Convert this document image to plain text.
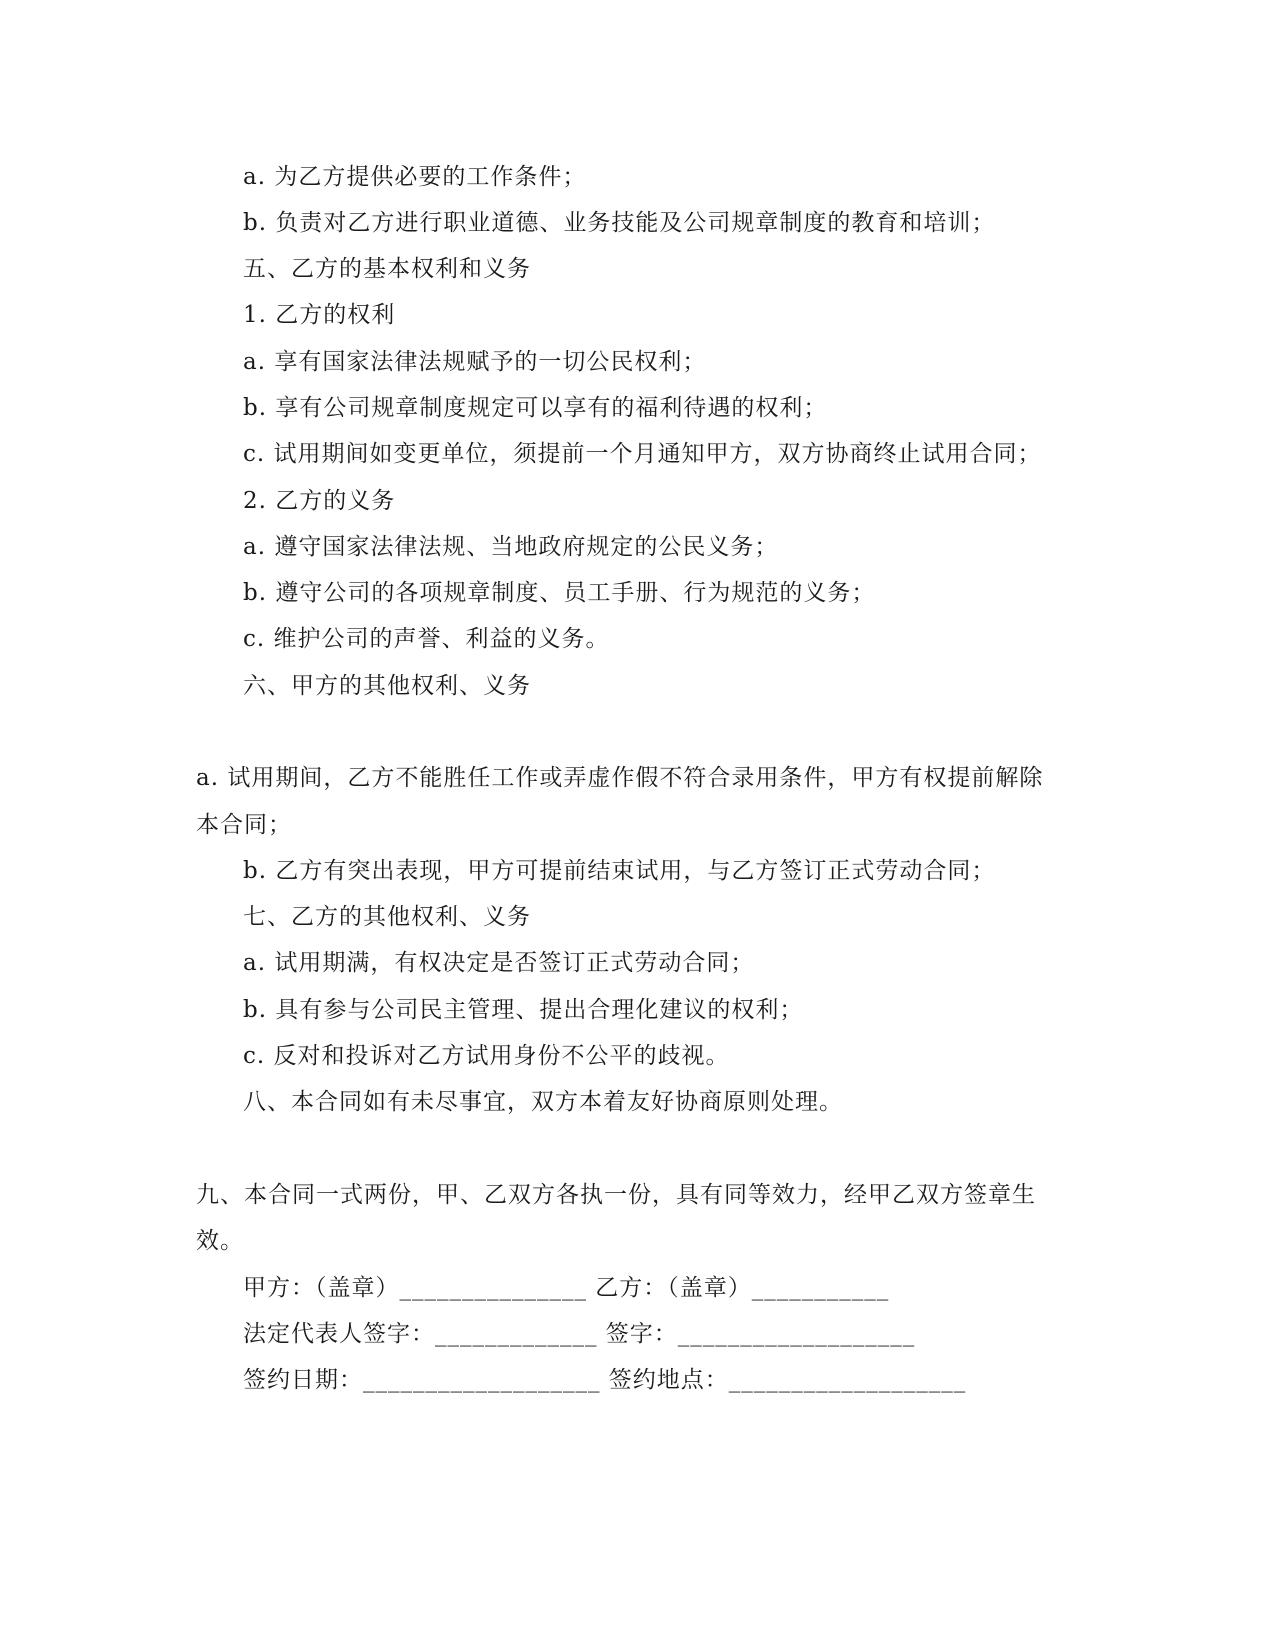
a. 为乙方提供必要的工作条件；
b. 负责对乙方进行职业道德、业务技能及公司规章制度的教育和培训；
五、乙方的基本权利和义务
1. 乙方的权利
a. 享有国家法律法规赋予的一切公民权利；
b. 享有公司规章制度规定可以享有的福利待遇的权利；
c. 试用期间如变更单位，须提前一个月通知甲方，双方协商终止试用合同；
2. 乙方的义务
a. 遵守国家法律法规、当地政府规定的公民义务；
b. 遵守公司的各项规章制度、员工手册、行为规范的义务；
c. 维护公司的声誉、利益的义务。
六、甲方的其他权利、义务
a. 试用期间，乙方不能胜任工作或弄虚作假不符合录用条件，甲方有权提前解除
本合同；
b. 乙方有突出表现，甲方可提前结束试用，与乙方签订正式劳动合同；
七、乙方的其他权利、义务
a. 试用期满，有权决定是否签订正式劳动合同；
b. 具有参与公司民主管理、提出合理化建议的权利；
c. 反对和投诉对乙方试用身份不公平的歧视。
八、本合同如有未尽事宜，双方本着友好协商原则处理。
九、本合同一式两份，甲、乙双方各执一份，具有同等效力，经甲乙双方签章生
效。
甲方：（盖章）_______________ 乙方：（盖章）___________
法定代表人签字：_____________ 签字：___________________
签约日期：___________________ 签约地点：___________________
